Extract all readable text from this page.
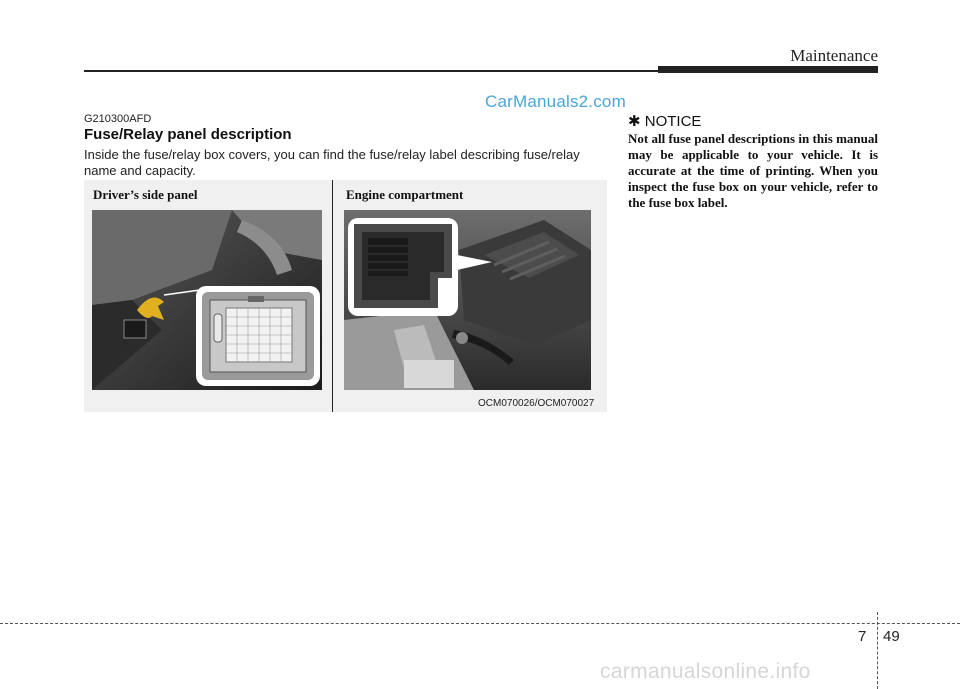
Maintenance
CarManuals2.com
G210300AFD
Fuse/Relay panel description
Inside the fuse/relay box covers, you can find the fuse/relay label describing fuse/relay name and capacity.
Driver’s side panel	Engine compartment
OCM070026/OCM070027
✱ NOTICE
Not all fuse panel descriptions in this manual may be applicable to your vehicle. It is accurate at the time of printing. When you inspect the fuse box on your vehicle, refer to the fuse box label.
7 49
carmanualsonline.info
